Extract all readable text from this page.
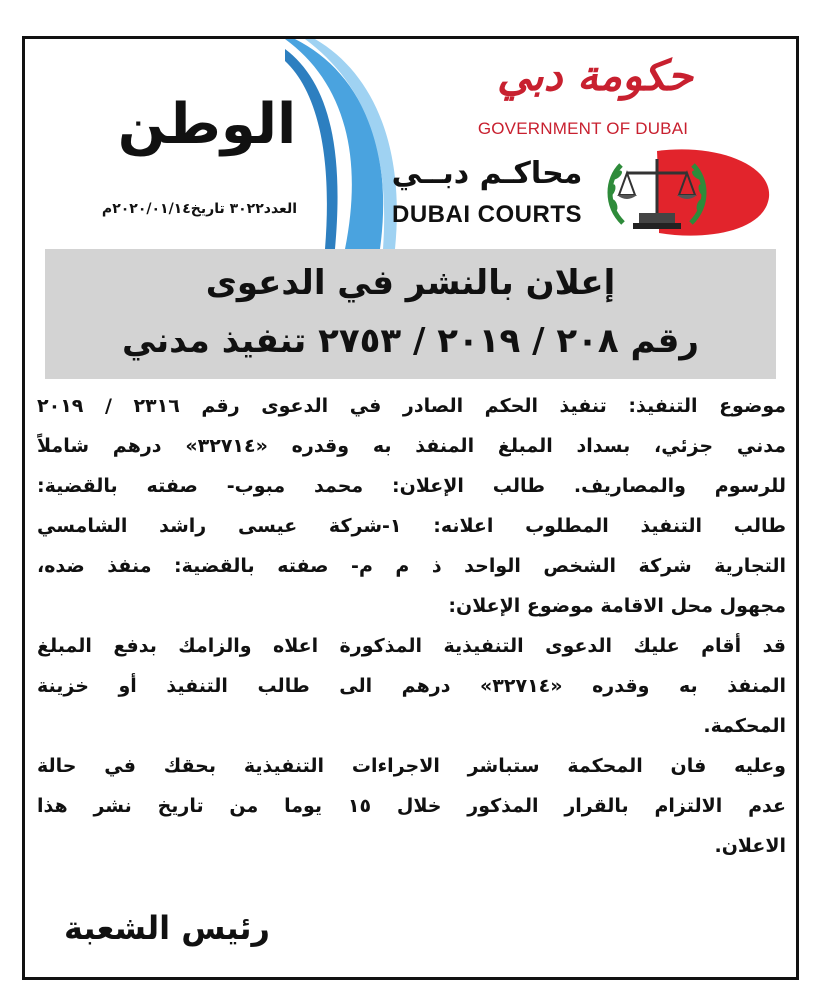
الوطن
العدد٣٠٢٢ تاريخ٢٠٢٠/٠١/١٤م
حكومة دبي
GOVERNMENT OF DUBAI
محاكـم دبــي
DUBAI COURTS
إعلان بالنشر في الدعوى
رقم ٢٠٨ / ٢٠١٩ / ٢٧٥٣ تنفيذ مدني
موضوع التنفيذ: تنفيذ الحكم الصادر في الدعوى رقم ٢٣١٦ / ٢٠١٩
مدني جزئي، بسداد المبلغ المنفذ به وقدره «٣٢٧١٤» درهم شاملاً
للرسوم والمصاريف. طالب الإعلان: محمد مبوب- صفته بالقضية:
طالب التنفيذ المطلوب اعلانه: ١-شركة عيسى راشد الشامسي
التجارية شركة الشخص الواحد ذ م م- صفته بالقضية: منفذ ضده،
مجهول محل الاقامة موضوع الإعلان:
قد أقام عليك الدعوى التنفيذية المذكورة اعلاه والزامك بدفع المبلغ
المنفذ به وقدره «٣٢٧١٤» درهم الى طالب التنفيذ أو خزينة
المحكمة.
وعليه فان المحكمة ستباشر الاجراءات التنفيذية بحقك في حالة
عدم الالتزام بالقرار المذكور خلال ١٥ يوما من تاريخ نشر هذا
الاعلان.
رئيس الشعبة
